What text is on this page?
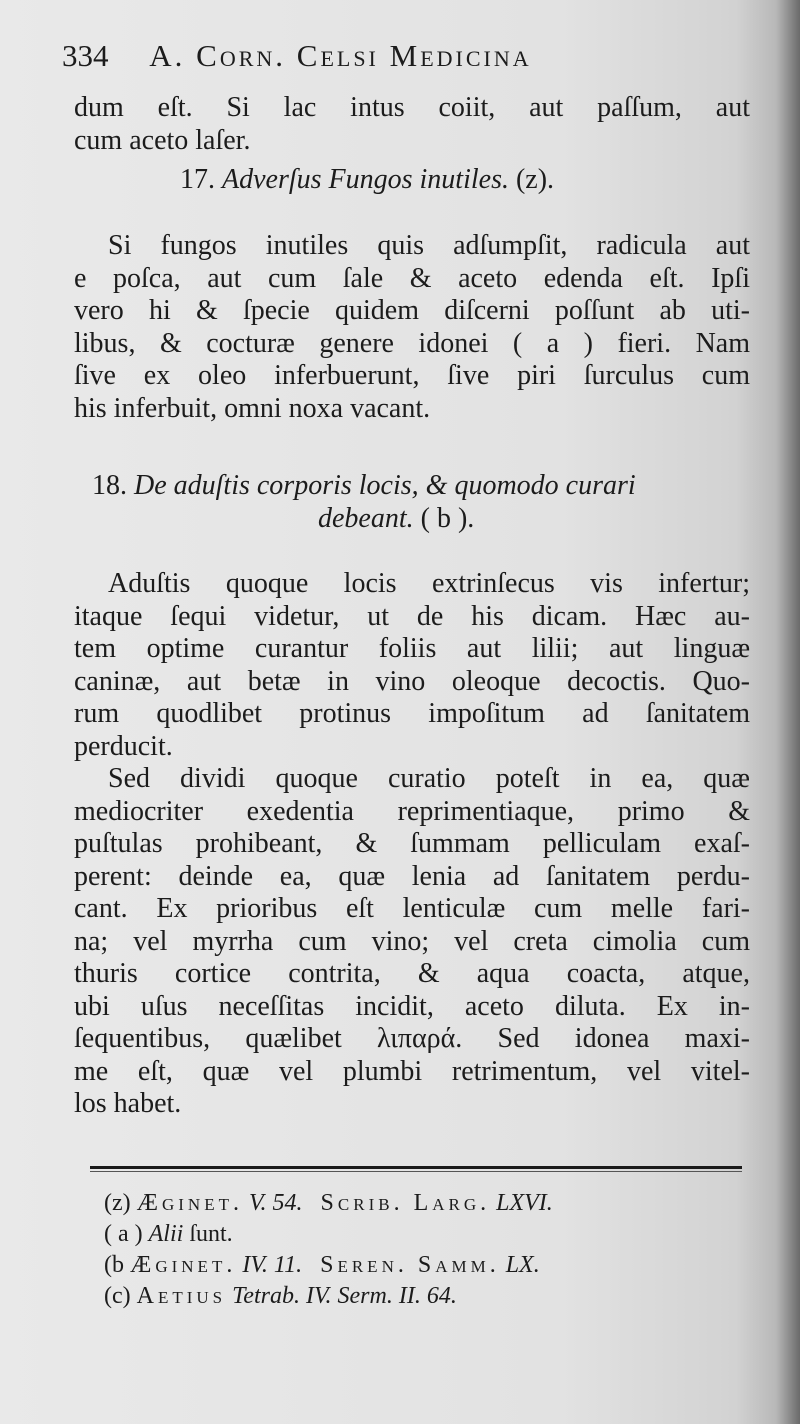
334 A. Corn. Celsi Medicina
dum eſt. Si lac intus coiit, aut paſſum, aut
cum aceto laſer.
17. Adverſus Fungos inutiles. (z).
Si fungos inutiles quis adſumpſit, radicula aut
e poſca, aut cum ſale & aceto edenda eſt. Ipſi
vero hi & ſpecie quidem diſcerni poſſunt ab uti-
libus, & cocturæ genere idonei ( a ) fieri. Nam
ſive ex oleo inferbuerunt, ſive piri ſurculus cum
his inferbuit, omni noxa vacant.
18. De aduſtis corporis locis, & quomodo curari
debeant. ( b ).
Aduſtis quoque locis extrinſecus vis infertur;
itaque ſequi videtur, ut de his dicam. Hæc au-
tem optime curantur foliis aut lilii; aut linguæ
caninæ, aut betæ in vino oleoque decoctis. Quo-
rum quodlibet protinus impoſitum ad ſanitatem
perducit.
Sed dividi quoque curatio poteſt in ea, quæ
mediocriter exedentia reprimentiaque, primo &
puſtulas prohibeant, & ſummam pelliculam exaſ-
perent: deinde ea, quæ lenia ad ſanitatem perdu-
cant. Ex prioribus eſt lenticulæ cum melle fari-
na; vel myrrha cum vino; vel creta cimolia cum
thuris cortice contrita, & aqua coacta, atque,
ubi uſus neceſſitas incidit, aceto diluta. Ex in-
ſequentibus, quælibet λιπαρά. Sed idonea maxi-
me eſt, quæ vel plumbi retrimentum, vel vitel-
los habet.
(z) Æginet. V. 54. Scrib. Larg. LXVI.
( a ) Alii ſunt.
(b Æginet. IV. 11. Seren. Samm. LX.
(c) Aetius Tetrab. IV. Serm. II. 64.
